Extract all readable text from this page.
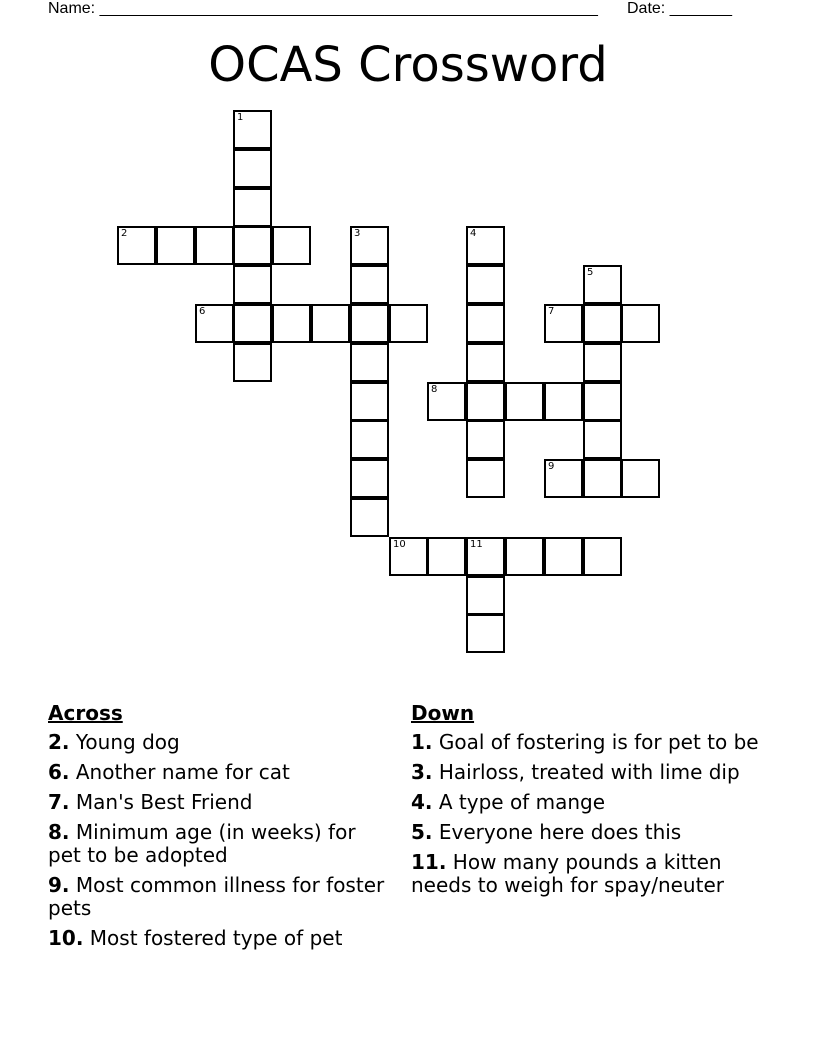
Name: ________________________________________________________ Date: _______
OCAS Crossword
1
2	3	4
5
6	7
8
9
10	11
Across
2. Young dog
6. Another name for cat
7. Man's Best Friend
8. Minimum age (in weeks) for pet to be adopted
9. Most common illness for foster pets
10. Most fostered type of pet
Down
1. Goal of fostering is for pet to be
3. Hairloss, treated with lime dip
4. A type of mange
5. Everyone here does this
11. How many pounds a kitten needs to weigh for spay/neuter
